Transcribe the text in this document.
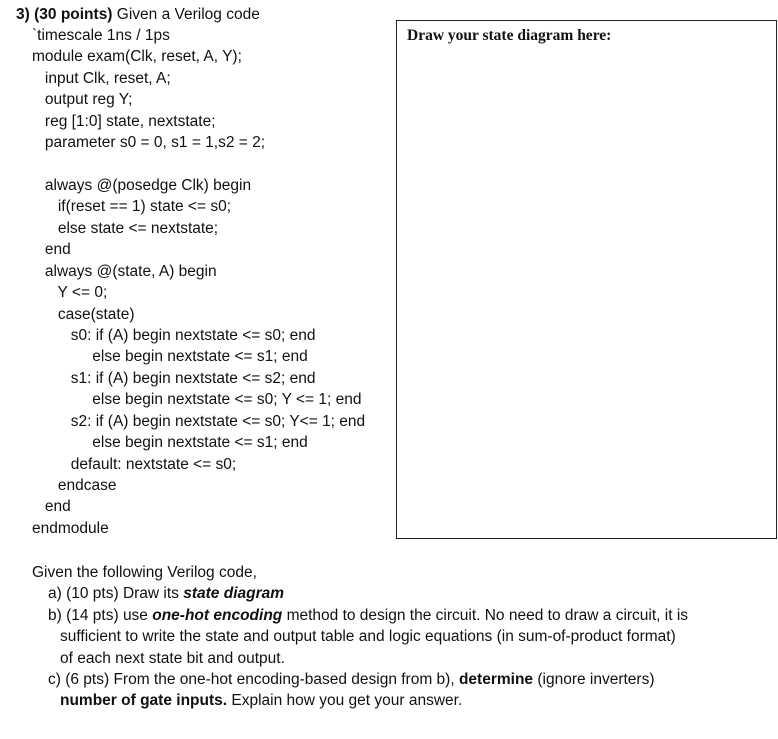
3) (30 points) Given a Verilog code
`timescale 1ns / 1ps
module exam(Clk, reset, A, Y);
input Clk, reset, A;
output reg Y;
reg [1:0] state, nextstate;
parameter s0 = 0, s1 = 1,s2 = 2;
always @(posedge Clk) begin
if(reset == 1) state <= s0;
else state <= nextstate;
end
always @(state, A) begin
Y <= 0;
case(state)
s0: if (A) begin nextstate <= s0; end
else begin nextstate <= s1; end
s1: if (A) begin nextstate <= s2; end
else begin nextstate <= s0; Y <= 1; end
s2: if (A) begin nextstate <= s0; Y<= 1; end
else begin nextstate <= s1; end
default: nextstate <= s0;
endcase
end
endmodule
Draw your state diagram here:
Given the following Verilog code,
a) (10 pts) Draw its state diagram
b) (14 pts) use one-hot encoding method to design the circuit. No need to draw a circuit, it is
sufficient to write the state and output table and logic equations (in sum-of-product format)
of each next state bit and output.
c) (6 pts) From the one-hot encoding-based design from b), determine (ignore inverters)
number of gate inputs. Explain how you get your answer.
